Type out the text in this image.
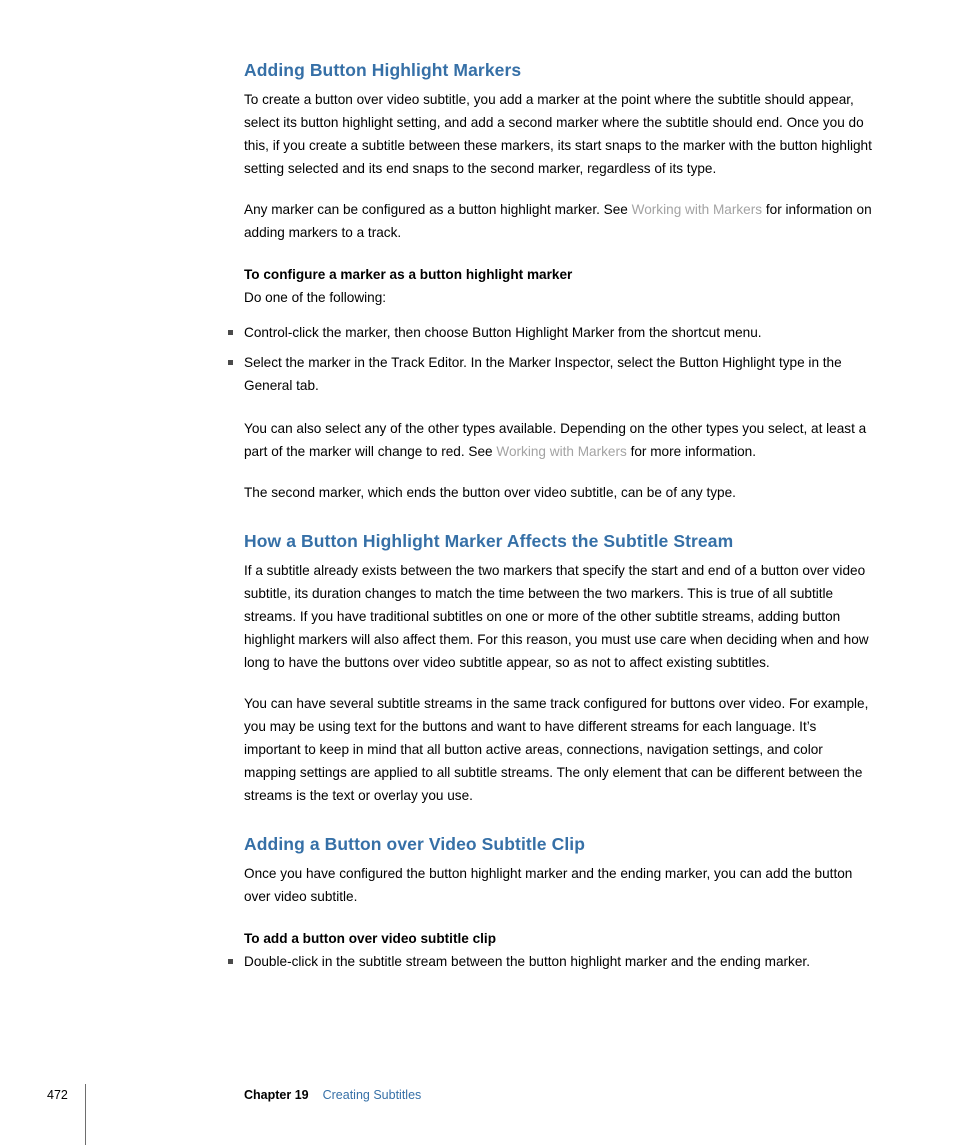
Adding Button Highlight Markers

To create a button over video subtitle, you add a marker at the point where the subtitle should appear, select its button highlight setting, and add a second marker where the subtitle should end. Once you do this, if you create a subtitle between these markers, its start snaps to the marker with the button highlight setting selected and its end snaps to the second marker, regardless of its type.

Any marker can be configured as a button highlight marker. See Working with Markers for information on adding markers to a track.

To configure a marker as a button highlight marker
Do one of the following:
Control-click the marker, then choose Button Highlight Marker from the shortcut menu.
Select the marker in the Track Editor. In the Marker Inspector, select the Button Highlight type in the General tab.

You can also select any of the other types available. Depending on the other types you select, at least a part of the marker will change to red. See Working with Markers for more information.

The second marker, which ends the button over video subtitle, can be of any type.

How a Button Highlight Marker Affects the Subtitle Stream

If a subtitle already exists between the two markers that specify the start and end of a button over video subtitle, its duration changes to match the time between the two markers. This is true of all subtitle streams. If you have traditional subtitles on one or more of the other subtitle streams, adding button highlight markers will also affect them. For this reason, you must use care when deciding when and how long to have the buttons over video subtitle appear, so as not to affect existing subtitles.

You can have several subtitle streams in the same track configured for buttons over video. For example, you may be using text for the buttons and want to have different streams for each language. It’s important to keep in mind that all button active areas, connections, navigation settings, and color mapping settings are applied to all subtitle streams. The only element that can be different between the streams is the text or overlay you use.

Adding a Button over Video Subtitle Clip

Once you have configured the button highlight marker and the ending marker, you can add the button over video subtitle.

To add a button over video subtitle clip
Double-click in the subtitle stream between the button highlight marker and the ending marker.
472	Chapter 19 Creating Subtitles
